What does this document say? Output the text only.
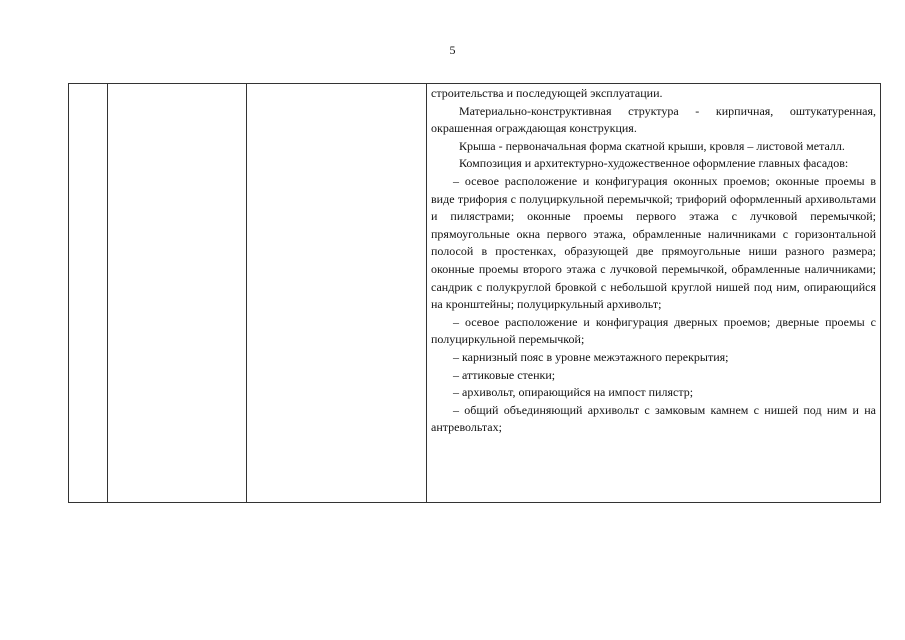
5

строительства и последующей эксплуатации.

Материально-конструктивная структура - кирпичная, оштукатуренная, окрашенная ограждающая конструкция.

Крыша - первоначальная форма скатной крыши, кровля – листовой металл.

Композиция и архитектурно-художественное оформление главных фасадов:

– осевое расположение и конфигурация оконных проемов; оконные проемы в виде трифория с полуциркульной перемычкой; трифорий оформленный архивольтами и пилястрами; оконные проемы первого этажа с лучковой перемычкой; прямоугольные окна первого этажа, обрамленные наличниками с горизонтальной полосой в простенках, образующей две прямоугольные ниши разного размера; оконные проемы второго этажа с лучковой перемычкой, обрамленные наличниками; сандрик с полукруглой бровкой с небольшой круглой нишей под ним, опирающийся на кронштейны; полуциркульный архивольт;

– осевое расположение и конфигурация дверных проемов; дверные проемы с полуциркульной перемычкой;

– карнизный пояс в уровне межэтажного перекрытия;

– аттиковые стенки;

– архивольт, опирающийся на импост пилястр;

– общий объединяющий архивольт с замковым камнем с нишей под ним и на антревольтах;
